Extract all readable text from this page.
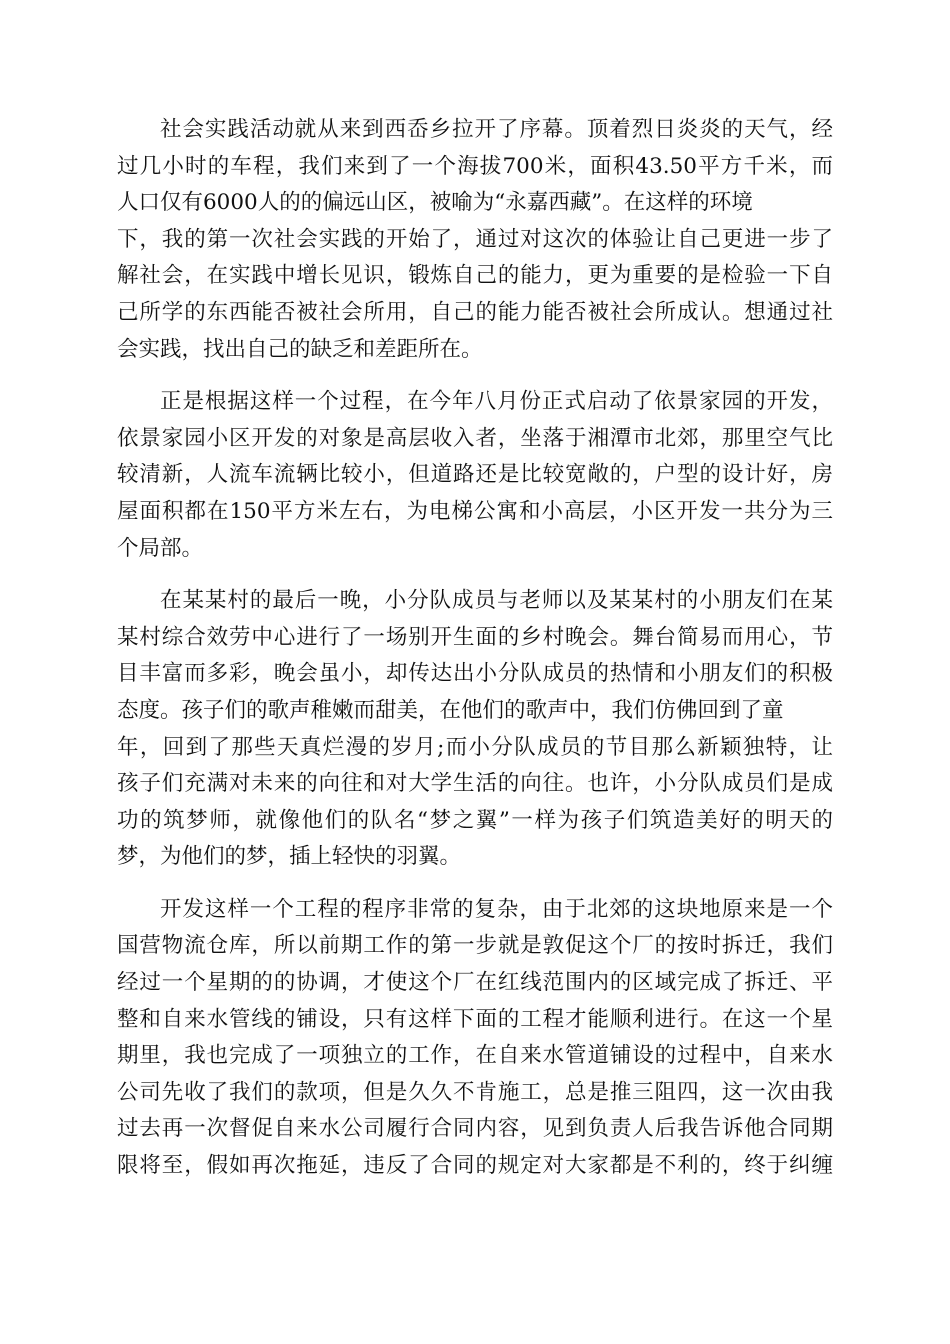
社会实践活动就从来到西岙乡拉开了序幕。顶着烈日炎炎的天气，经
过几小时的车程，我们来到了一个海拔700米，面积43.50平方千米，而
人口仅有6000人的的偏远山区，被喻为“永嘉西藏”。在这样的环境
下，我的第一次社会实践的开始了，通过对这次的体验让自己更进一步了
解社会，在实践中增长见识，锻炼自己的能力，更为重要的是检验一下自
己所学的东西能否被社会所用，自己的能力能否被社会所成认。想通过社
会实践，找出自己的缺乏和差距所在。
正是根据这样一个过程，在今年八月份正式启动了依景家园的开发，
依景家园小区开发的对象是高层收入者，坐落于湘潭市北郊，那里空气比
较清新，人流车流辆比较小，但道路还是比较宽敞的，户型的设计好，房
屋面积都在150平方米左右，为电梯公寓和小高层，小区开发一共分为三
个局部。
在某某村的最后一晚，小分队成员与老师以及某某村的小朋友们在某
某村综合效劳中心进行了一场别开生面的乡村晚会。舞台简易而用心，节
目丰富而多彩，晚会虽小，却传达出小分队成员的热情和小朋友们的积极
态度。孩子们的歌声稚嫩而甜美，在他们的歌声中，我们仿佛回到了童
年，回到了那些天真烂漫的岁月;而小分队成员的节目那么新颖独特，让
孩子们充满对未来的向往和对大学生活的向往。也许，小分队成员们是成
功的筑梦师，就像他们的队名“梦之翼”一样为孩子们筑造美好的明天的
梦，为他们的梦，插上轻快的羽翼。
开发这样一个工程的程序非常的复杂，由于北郊的这块地原来是一个
国营物流仓库，所以前期工作的第一步就是敦促这个厂的按时拆迁，我们
经过一个星期的的协调，才使这个厂在红线范围内的区域完成了拆迁、平
整和自来水管线的铺设，只有这样下面的工程才能顺利进行。在这一个星
期里，我也完成了一项独立的工作，在自来水管道铺设的过程中，自来水
公司先收了我们的款项，但是久久不肯施工，总是推三阻四，这一次由我
过去再一次督促自来水公司履行合同内容，见到负责人后我告诉他合同期
限将至，假如再次拖延，违反了合同的规定对大家都是不利的，终于纠缠
